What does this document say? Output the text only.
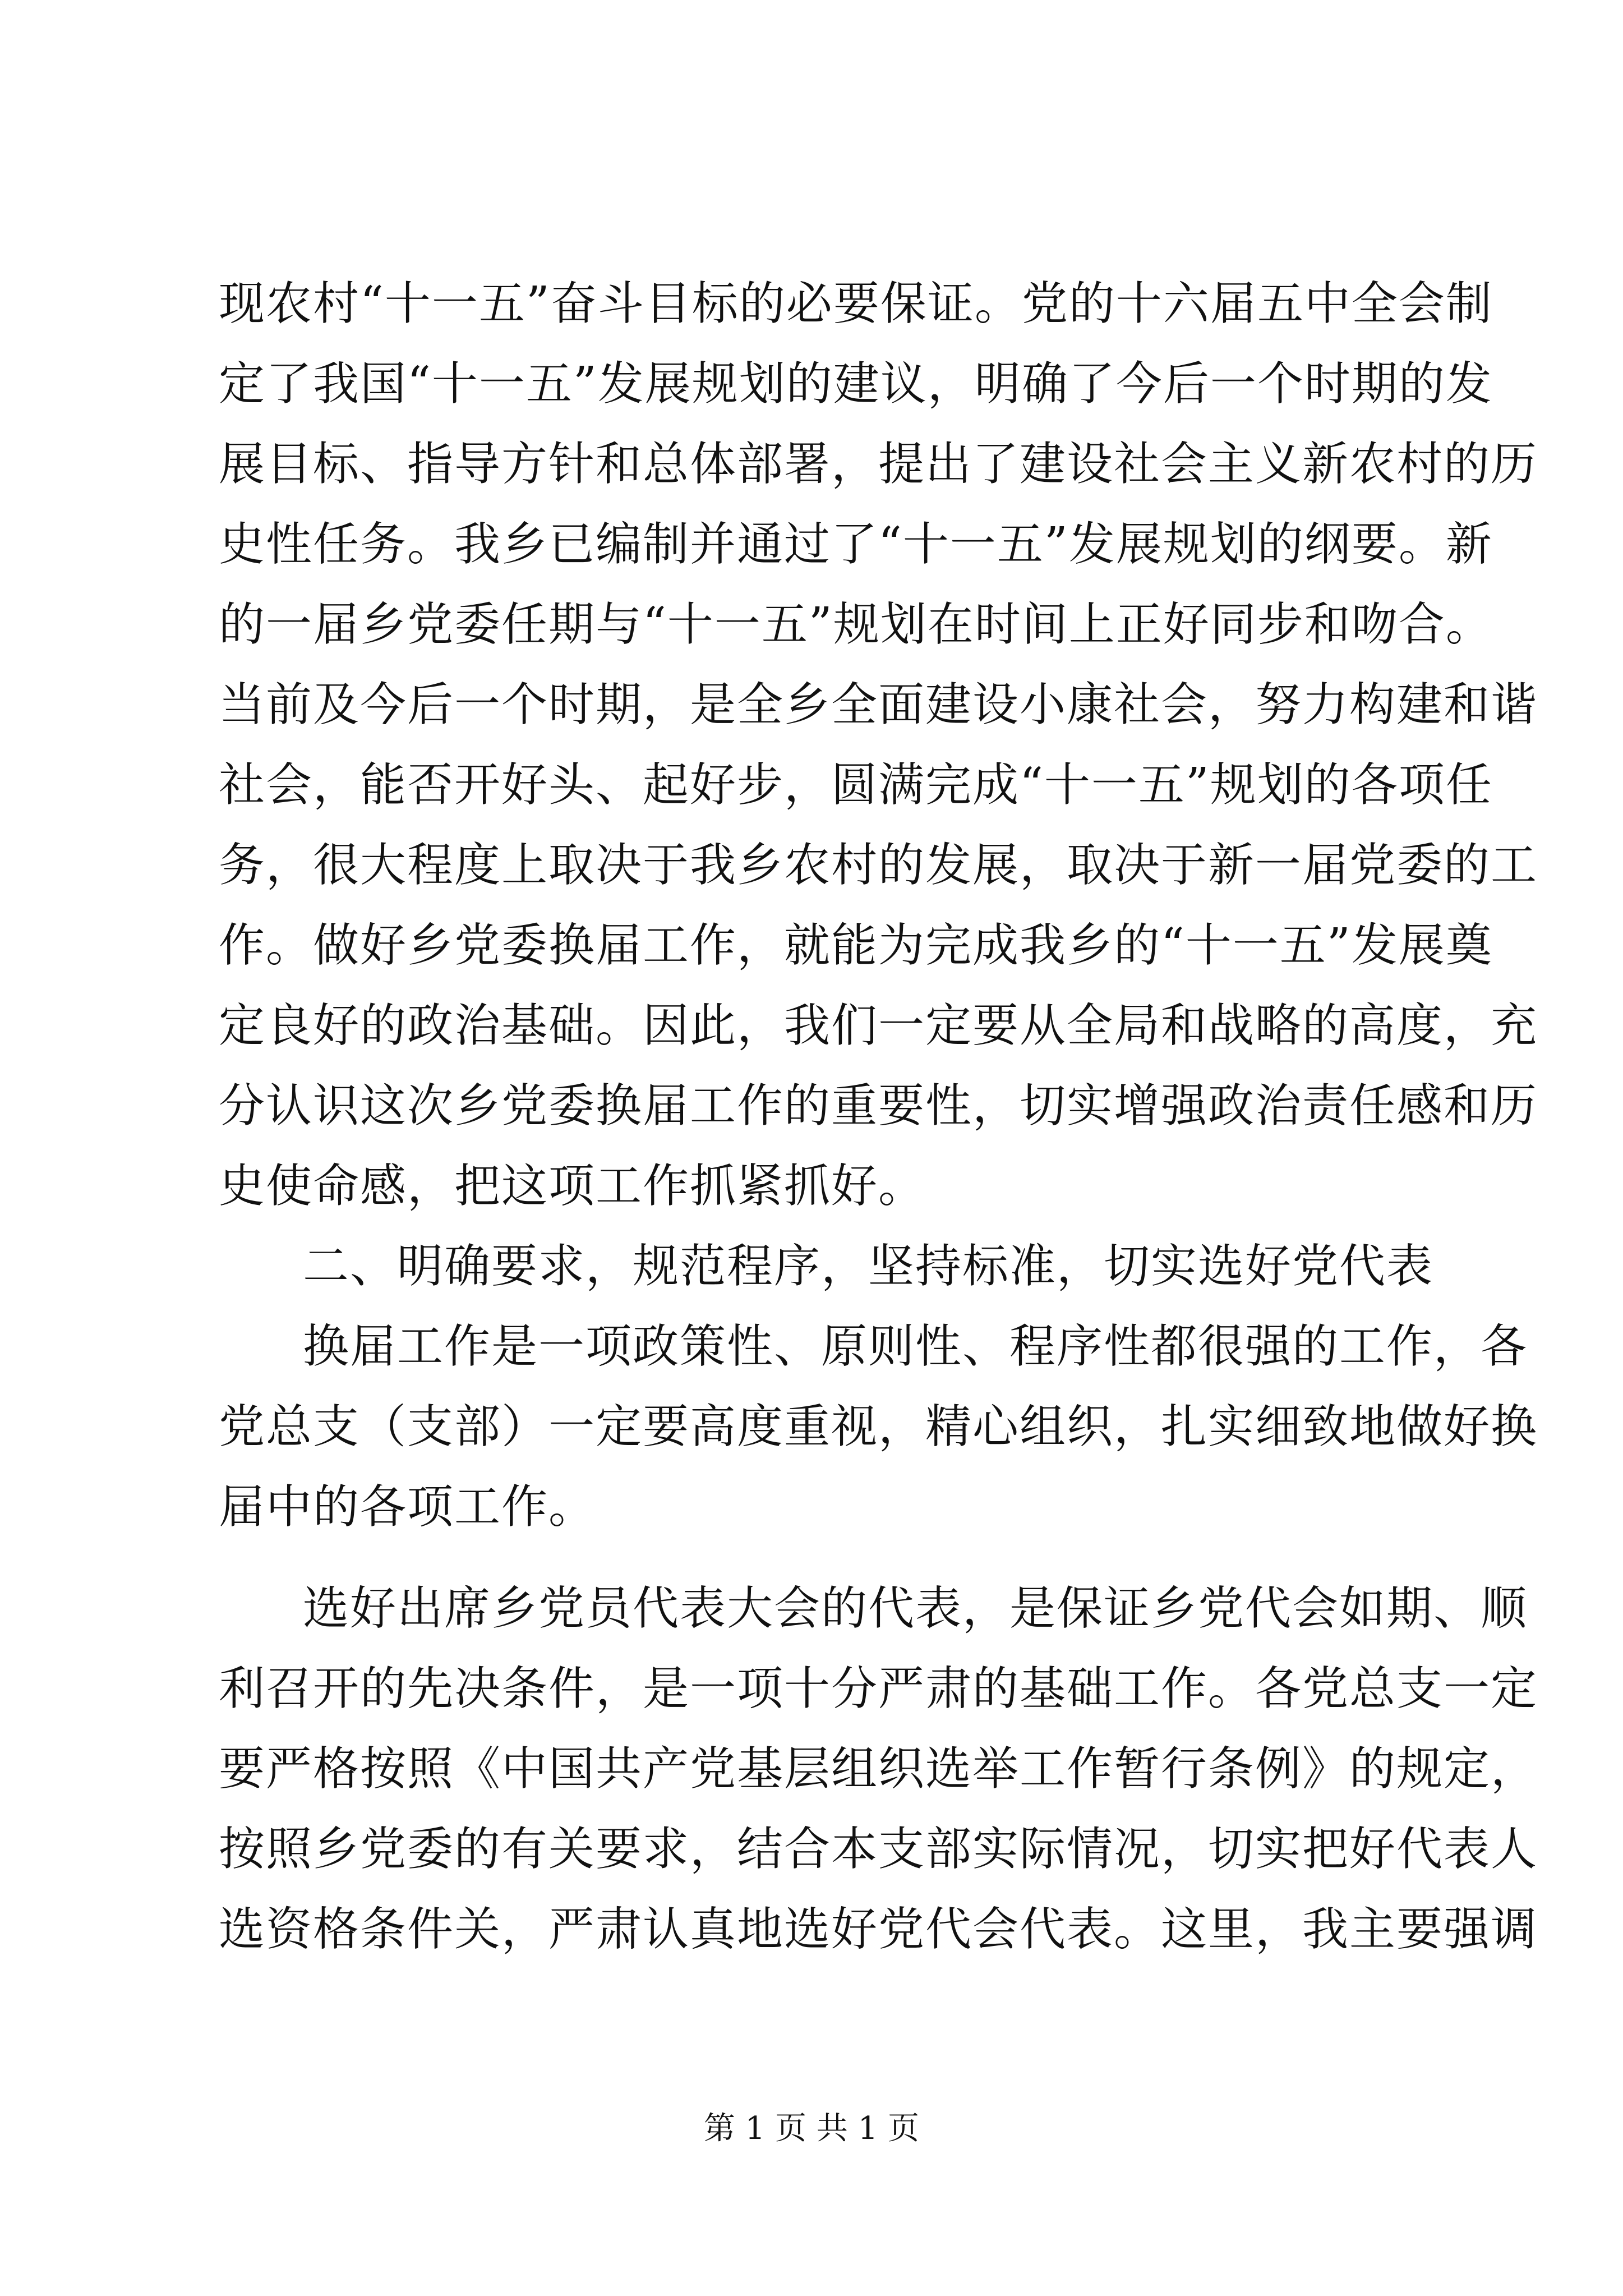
现农村“十一五”奋斗目标的必要保证。党的十六届五中全会制
定了我国“十一五”发展规划的建议，明确了今后一个时期的发
展目标、指导方针和总体部署，提出了建设社会主义新农村的历
史性任务。我乡已编制并通过了“十一五”发展规划的纲要。新
的一届乡党委任期与“十一五”规划在时间上正好同步和吻合。
当前及今后一个时期，是全乡全面建设小康社会，努力构建和谐
社会，能否开好头、起好步，圆满完成“十一五”规划的各项任
务，很大程度上取决于我乡农村的发展，取决于新一届党委的工
作。做好乡党委换届工作，就能为完成我乡的“十一五”发展奠
定良好的政治基础。因此，我们一定要从全局和战略的高度，充
分认识这次乡党委换届工作的重要性，切实增强政治责任感和历
史使命感，把这项工作抓紧抓好。
二、明确要求，规范程序，坚持标准，切实选好党代表
换届工作是一项政策性、原则性、程序性都很强的工作，各
党总支（支部）一定要高度重视，精心组织，扎实细致地做好换
届中的各项工作。
选好出席乡党员代表大会的代表，是保证乡党代会如期、顺
利召开的先决条件，是一项十分严肃的基础工作。各党总支一定
要严格按照《中国共产党基层组织选举工作暂行条例》的规定，
按照乡党委的有关要求，结合本支部实际情况，切实把好代表人
选资格条件关，严肃认真地选好党代会代表。这里，我主要强调
第 1 页 共 1 页
